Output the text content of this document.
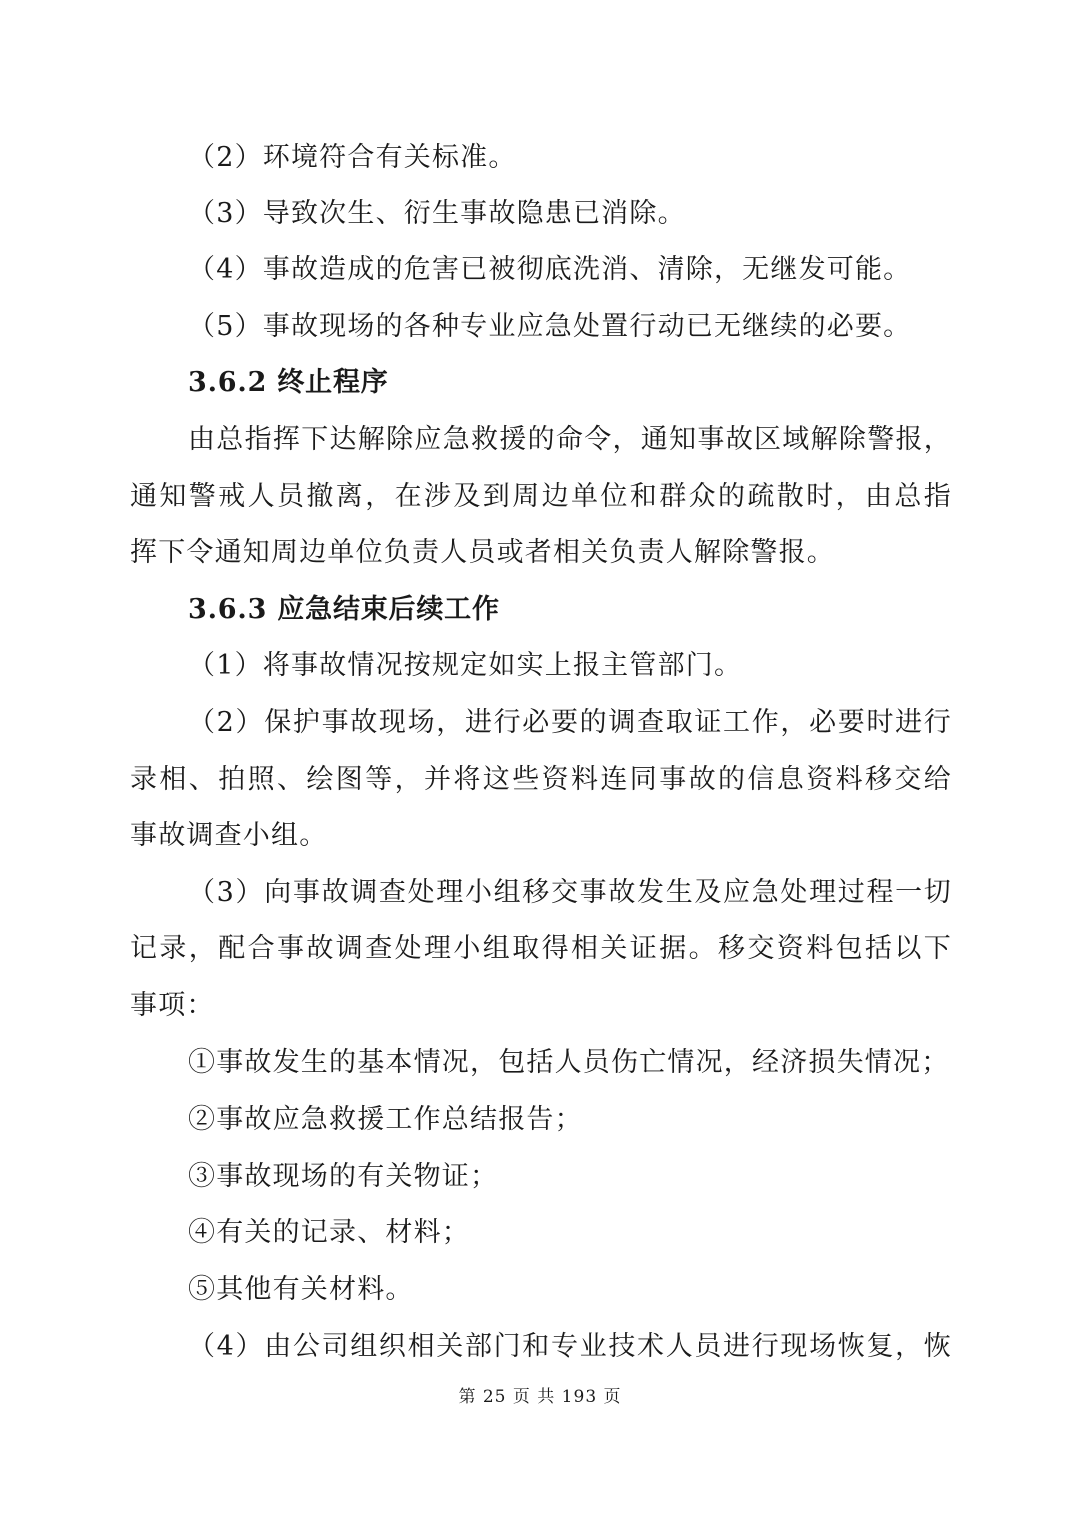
（2）环境符合有关标准。
（3）导致次生、衍生事故隐患已消除。
（4）事故造成的危害已被彻底洗消、清除，无继发可能。
（5）事故现场的各种专业应急处置行动已无继续的必要。
3.6.2 终止程序
由总指挥下达解除应急救援的命令，通知事故区域解除警报，
通知警戒人员撤离，在涉及到周边单位和群众的疏散时，由总指
挥下令通知周边单位负责人员或者相关负责人解除警报。
3.6.3 应急结束后续工作
（1）将事故情况按规定如实上报主管部门。
（2）保护事故现场，进行必要的调查取证工作，必要时进行
录相、拍照、绘图等，并将这些资料连同事故的信息资料移交给
事故调查小组。
（3）向事故调查处理小组移交事故发生及应急处理过程一切
记录，配合事故调查处理小组取得相关证据。移交资料包括以下
事项：
①事故发生的基本情况，包括人员伤亡情况，经济损失情况；
②事故应急救援工作总结报告；
③事故现场的有关物证；
④有关的记录、材料；
⑤其他有关材料。
（4）由公司组织相关部门和专业技术人员进行现场恢复，恢
第 25 页 共 193 页
